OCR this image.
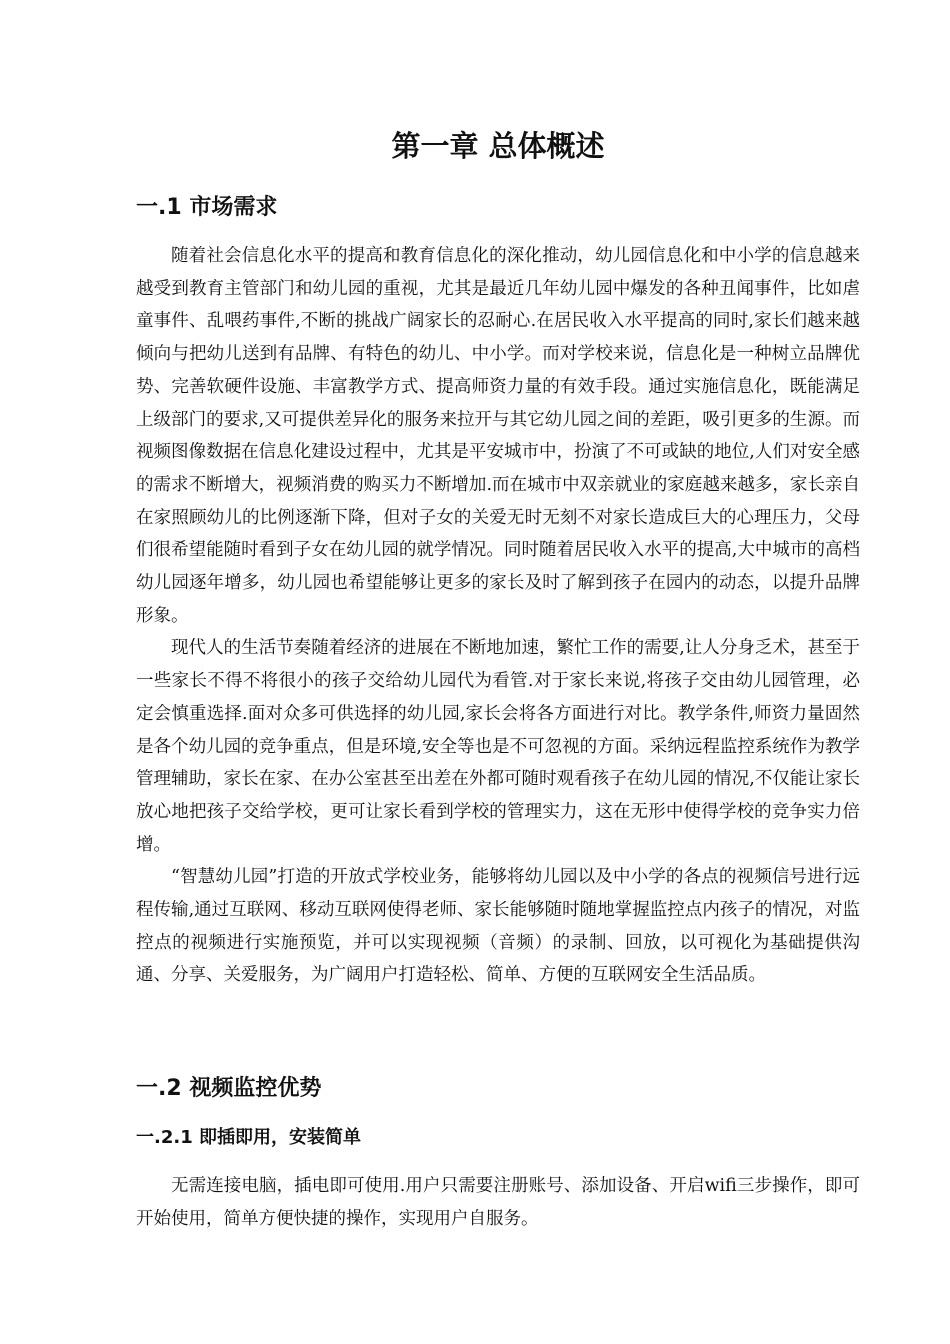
第一章 总体概述
一.1 市场需求

随着社会信息化水平的提高和教育信息化的深化推动，幼儿园信息化和中小学的信息越来越受到教育主管部门和幼儿园的重视，尤其是最近几年幼儿园中爆发的各种丑闻事件，比如虐童事件、乱喂药事件,不断的挑战广阔家长的忍耐心.在居民收入水平提高的同时,家长们越来越倾向与把幼儿送到有品牌、有特色的幼儿、中小学。而对学校来说，信息化是一种树立品牌优势、完善软硬件设施、丰富教学方式、提高师资力量的有效手段。通过实施信息化，既能满足上级部门的要求,又可提供差异化的服务来拉开与其它幼儿园之间的差距，吸引更多的生源。而视频图像数据在信息化建设过程中，尤其是平安城市中，扮演了不可或缺的地位,人们对安全感的需求不断增大，视频消费的购买力不断增加.而在城市中双亲就业的家庭越来越多，家长亲自在家照顾幼儿的比例逐渐下降，但对子女的关爱无时无刻不对家长造成巨大的心理压力，父母们很希望能随时看到子女在幼儿园的就学情况。同时随着居民收入水平的提高,大中城市的高档幼儿园逐年增多，幼儿园也希望能够让更多的家长及时了解到孩子在园内的动态，以提升品牌形象。

现代人的生活节奏随着经济的进展在不断地加速，繁忙工作的需要,让人分身乏术，甚至于一些家长不得不将很小的孩子交给幼儿园代为看管.对于家长来说,将孩子交由幼儿园管理，必定会慎重选择.面对众多可供选择的幼儿园,家长会将各方面进行对比。教学条件,师资力量固然是各个幼儿园的竞争重点，但是环境,安全等也是不可忽视的方面。采纳远程监控系统作为教学管理辅助，家长在家、在办公室甚至出差在外都可随时观看孩子在幼儿园的情况,不仅能让家长放心地把孩子交给学校，更可让家长看到学校的管理实力，这在无形中使得学校的竞争实力倍增。

“智慧幼儿园”打造的开放式学校业务，能够将幼儿园以及中小学的各点的视频信号进行远程传输,通过互联网、移动互联网使得老师、家长能够随时随地掌握监控点内孩子的情况，对监控点的视频进行实施预览，并可以实现视频（音频）的录制、回放，以可视化为基础提供沟通、分享、关爱服务，为广阔用户打造轻松、简单、方便的互联网安全生活品质。

一.2 视频监控优势
一.2.1 即插即用，安装简单

无需连接电脑，插电即可使用.用户只需要注册账号、添加设备、开启wifi三步操作，即可开始使用，简单方便快捷的操作，实现用户自服务。
